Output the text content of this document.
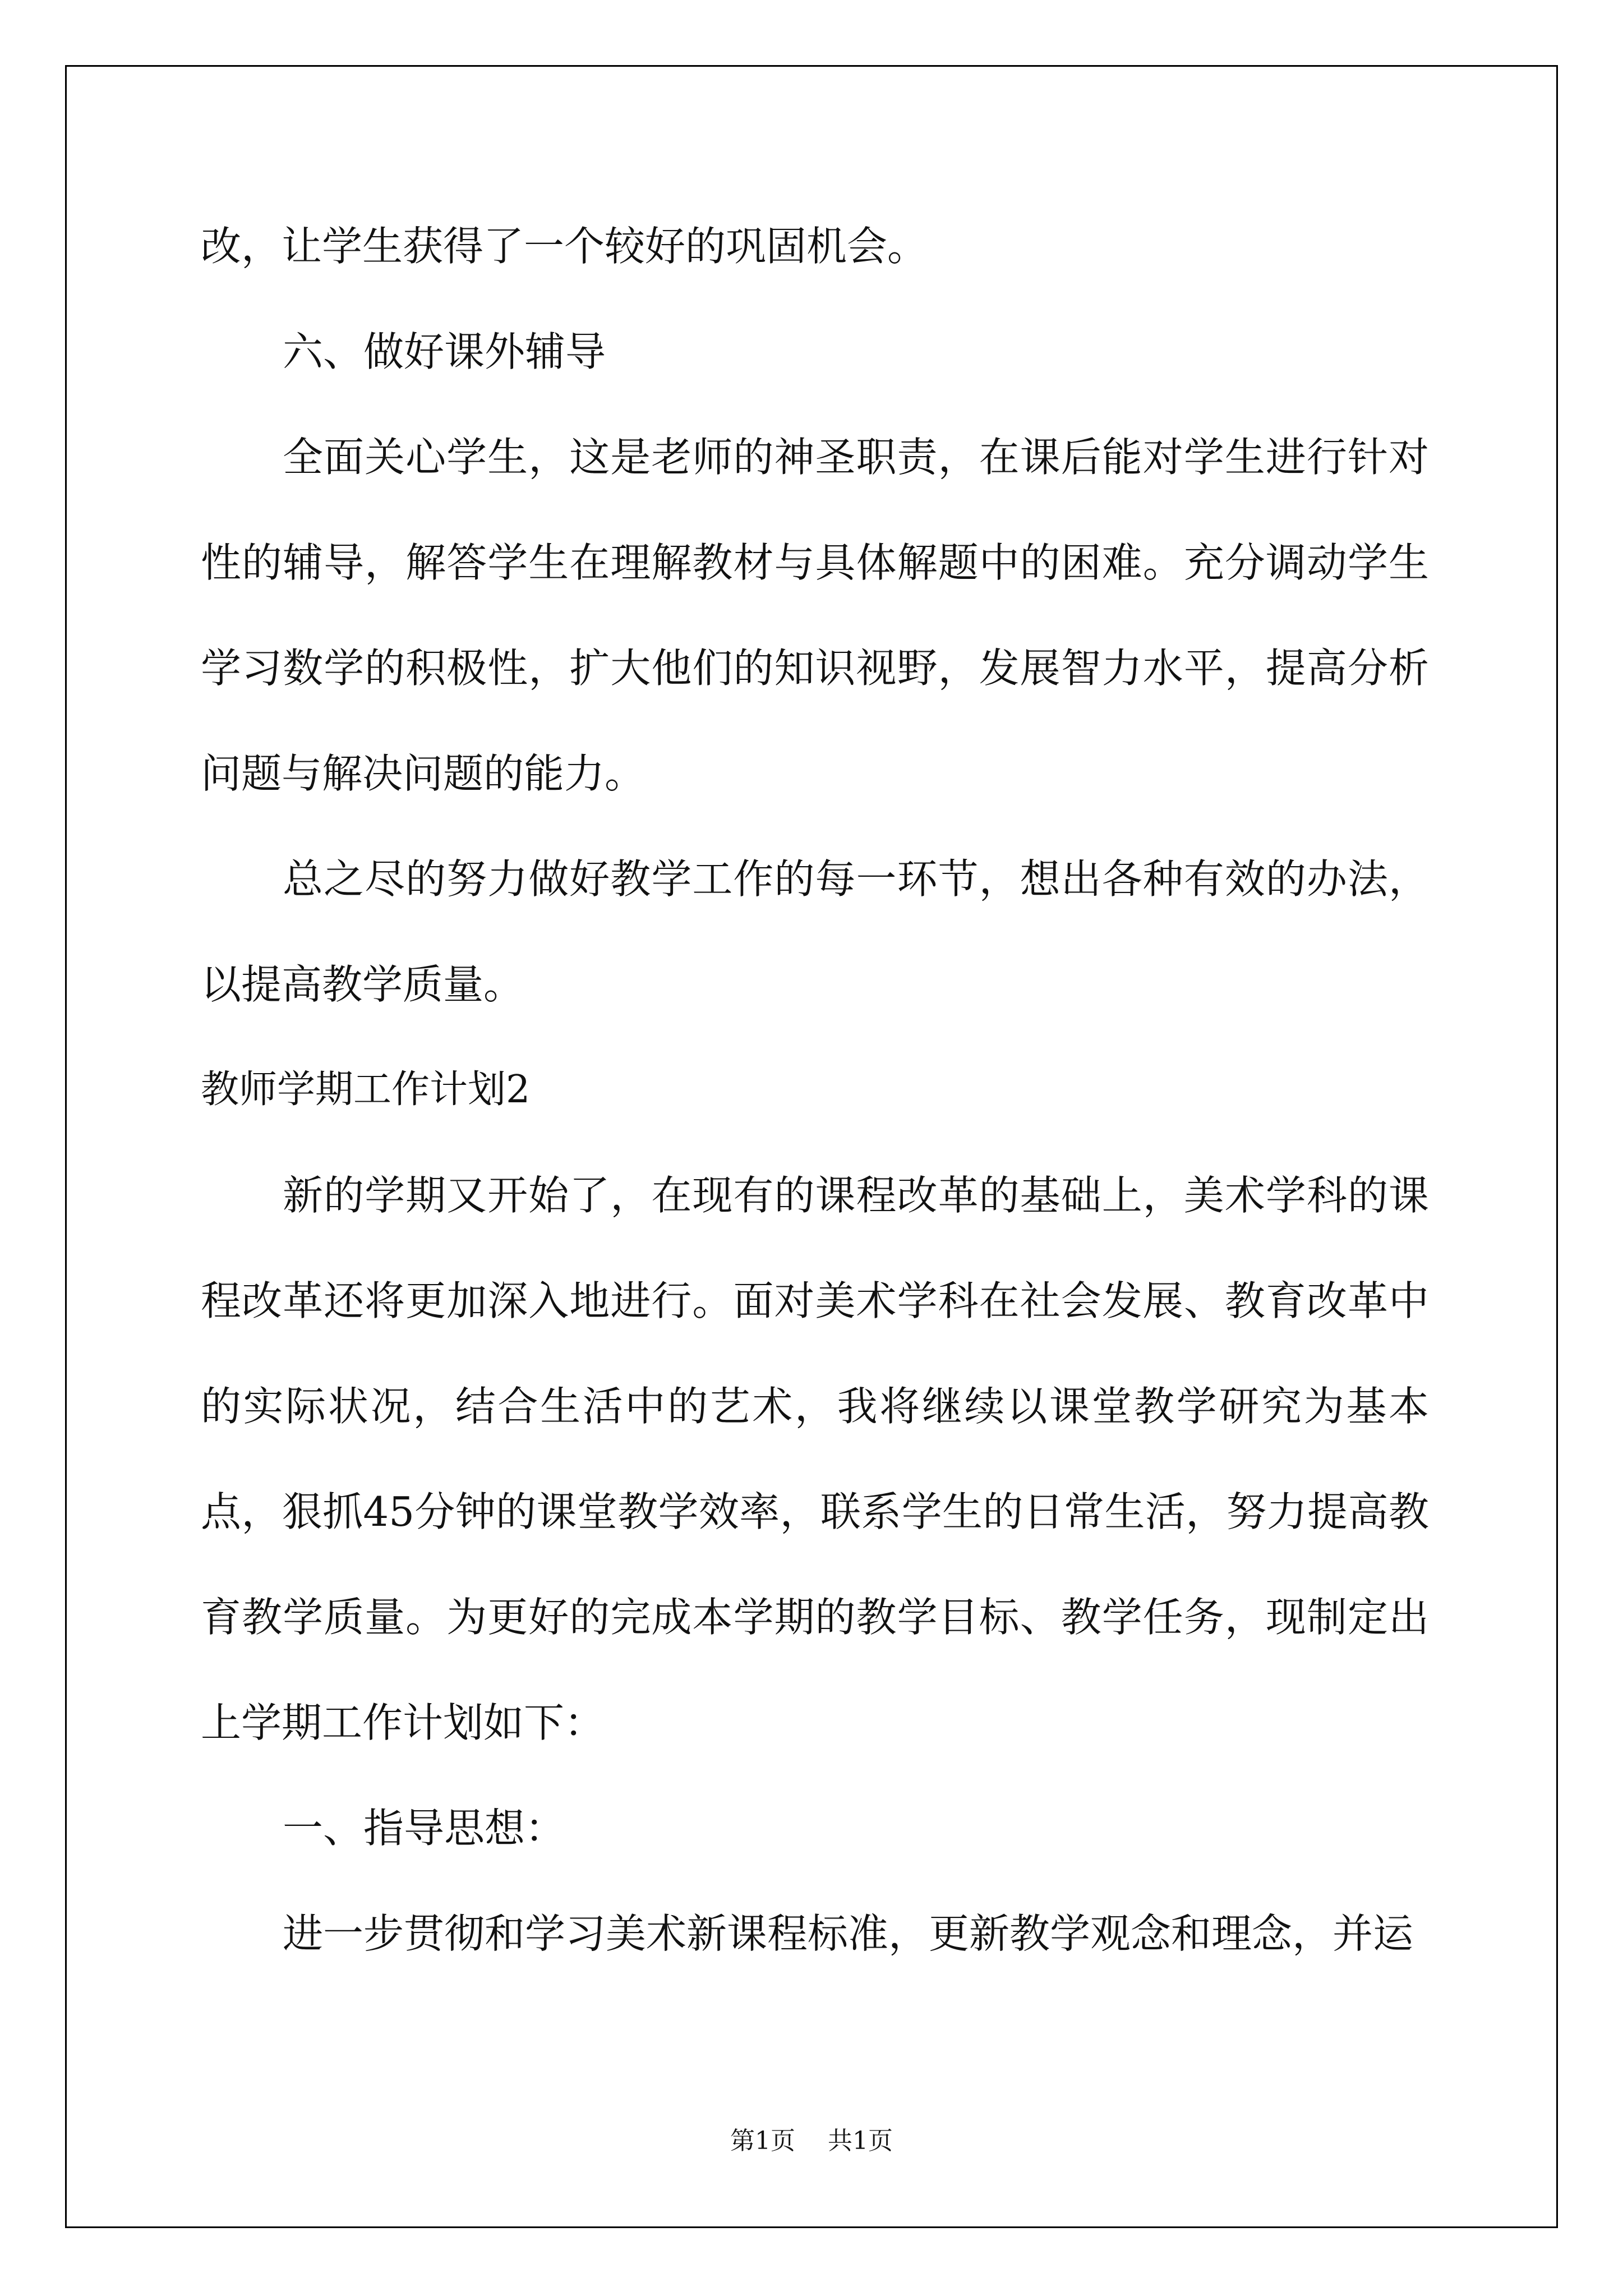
改，让学生获得了一个较好的巩固机会。

六、做好课外辅导

全面关心学生，这是老师的神圣职责，在课后能对学生进行针对性的辅导，解答学生在理解教材与具体解题中的困难。充分调动学生学习数学的积极性，扩大他们的知识视野，发展智力水平，提高分析问题与解决问题的能力。

总之尽的努力做好教学工作的每一环节，想出各种有效的办法，以提高教学质量。

教师学期工作计划2

新的学期又开始了，在现有的课程改革的基础上，美术学科的课程改革还将更加深入地进行。面对美术学科在社会发展、教育改革中的实际状况，结合生活中的艺术，我将继续以课堂教学研究为基本点，狠抓45分钟的课堂教学效率，联系学生的日常生活，努力提高教育教学质量。为更好的完成本学期的教学目标、教学任务，现制定出上学期工作计划如下：

一、指导思想：

进一步贯彻和学习美术新课程标准，更新教学观念和理念，并运

第1页 共1页
